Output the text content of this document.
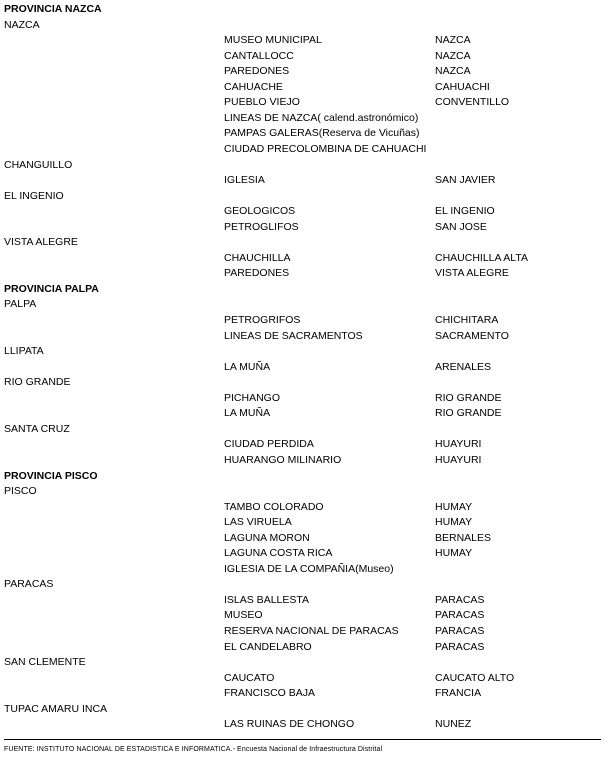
PROVINCIA NAZCA
NAZCA
MUSEO MUNICIPAL	NAZCA
CANTALLOCC	NAZCA
PAREDONES	NAZCA
CAHUACHE	CAHUACHI
PUEBLO VIEJO	CONVENTILLO
LINEAS DE NAZCA( calend.astronómico)
PAMPAS GALERAS(Reserva de Vicuñas)
CIUDAD PRECOLOMBINA DE CAHUACHI
CHANGUILLO
IGLESIA	SAN JAVIER
EL INGENIO
GEOLOGICOS	EL INGENIO
PETROGLIFOS	SAN JOSE
VISTA ALEGRE
CHAUCHILLA	CHAUCHILLA ALTA
PAREDONES	VISTA ALEGRE
PROVINCIA PALPA
PALPA
PETROGRIFOS	CHICHITARA
LINEAS DE SACRAMENTOS	SACRAMENTO
LLIPATA
LA MUÑA	ARENALES
RIO GRANDE
PICHANGO	RIO GRANDE
LA MUÑA	RIO GRANDE
SANTA CRUZ
CIUDAD PERDIDA	HUAYURI
HUARANGO MILINARIO	HUAYURI
PROVINCIA PISCO
PISCO
TAMBO COLORADO	HUMAY
LAS VIRUELA	HUMAY
LAGUNA MORON	BERNALES
LAGUNA COSTA RICA	HUMAY
IGLESIA DE LA COMPAÑIA(Museo)
PARACAS
ISLAS BALLESTA	PARACAS
MUSEO	PARACAS
RESERVA NACIONAL DE PARACAS	PARACAS
EL CANDELABRO	PARACAS
SAN CLEMENTE
CAUCATO	CAUCATO ALTO
FRANCISCO BAJA	FRANCIA
TUPAC AMARU INCA
LAS RUINAS DE CHONGO	NUNEZ
FUENTE: INSTITUTO NACIONAL DE ESTADISTICA E INFORMATICA.- Encuesta Nacional de Infraestructura Distrital
